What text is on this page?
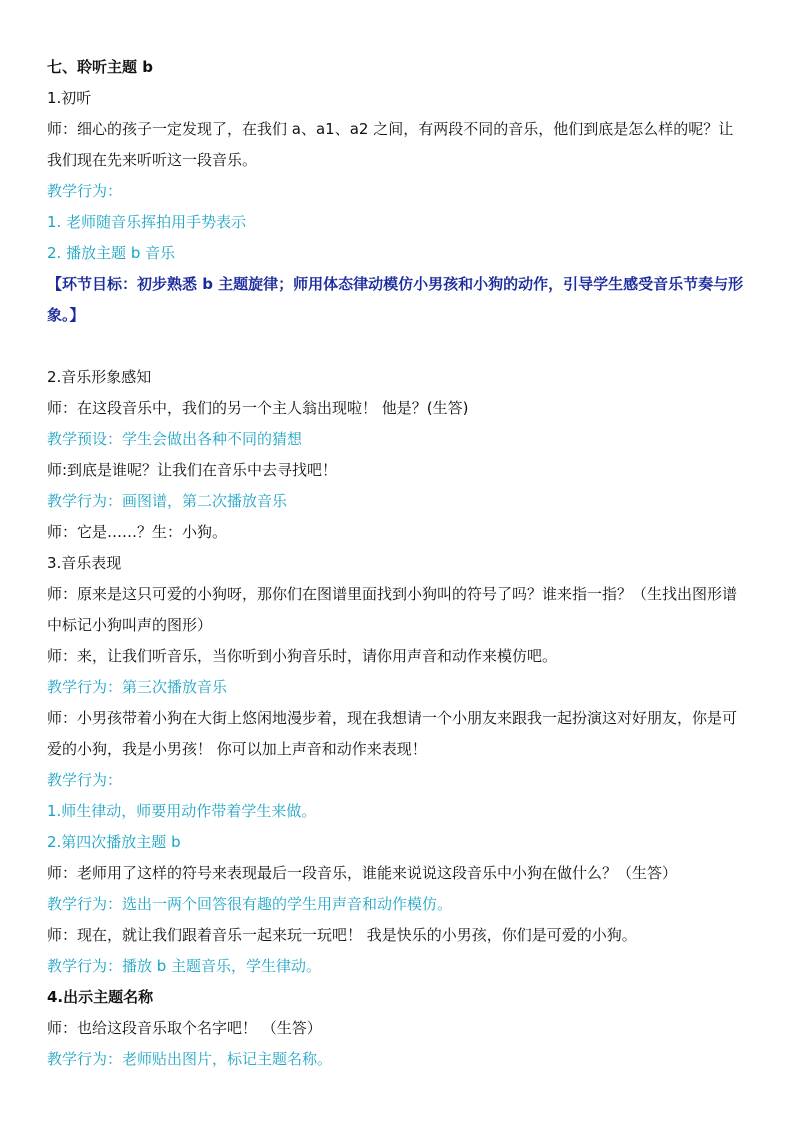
七、聆听主题 b
1.初听
师：细心的孩子一定发现了，在我们 a、a1、a2 之间，有两段不同的音乐，他们到底是怎么样的呢？让我们现在先来听听这一段音乐。
教学行为：
1. 老师随音乐挥拍用手势表示
2. 播放主题 b 音乐
【环节目标：初步熟悉 b 主题旋律；师用体态律动模仿小男孩和小狗的动作，引导学生感受音乐节奏与形象。】
2.音乐形象感知
师：在这段音乐中，我们的另一个主人翁出现啦！ 他是？(生答)
教学预设：学生会做出各种不同的猜想
师:到底是谁呢？让我们在音乐中去寻找吧！
教学行为：画图谱，第二次播放音乐
师：它是……？生：小狗。
3.音乐表现
师：原来是这只可爱的小狗呀，那你们在图谱里面找到小狗叫的符号了吗？谁来指一指？（生找出图形谱中标记小狗叫声的图形）
师：来，让我们听音乐，当你听到小狗音乐时，请你用声音和动作来模仿吧。
教学行为：第三次播放音乐
师：小男孩带着小狗在大街上悠闲地漫步着，现在我想请一个小朋友来跟我一起扮演这对好朋友，你是可爱的小狗，我是小男孩！ 你可以加上声音和动作来表现！
教学行为：
1.师生律动，师要用动作带着学生来做。
2.第四次播放主题 b
师：老师用了这样的符号来表现最后一段音乐，谁能来说说这段音乐中小狗在做什么？（生答）
教学行为：选出一两个回答很有趣的学生用声音和动作模仿。
师：现在，就让我们跟着音乐一起来玩一玩吧！ 我是快乐的小男孩，你们是可爱的小狗。
教学行为：播放 b 主题音乐，学生律动。
4.出示主题名称
师：也给这段音乐取个名字吧！ （生答）
教学行为：老师贴出图片，标记主题名称。
